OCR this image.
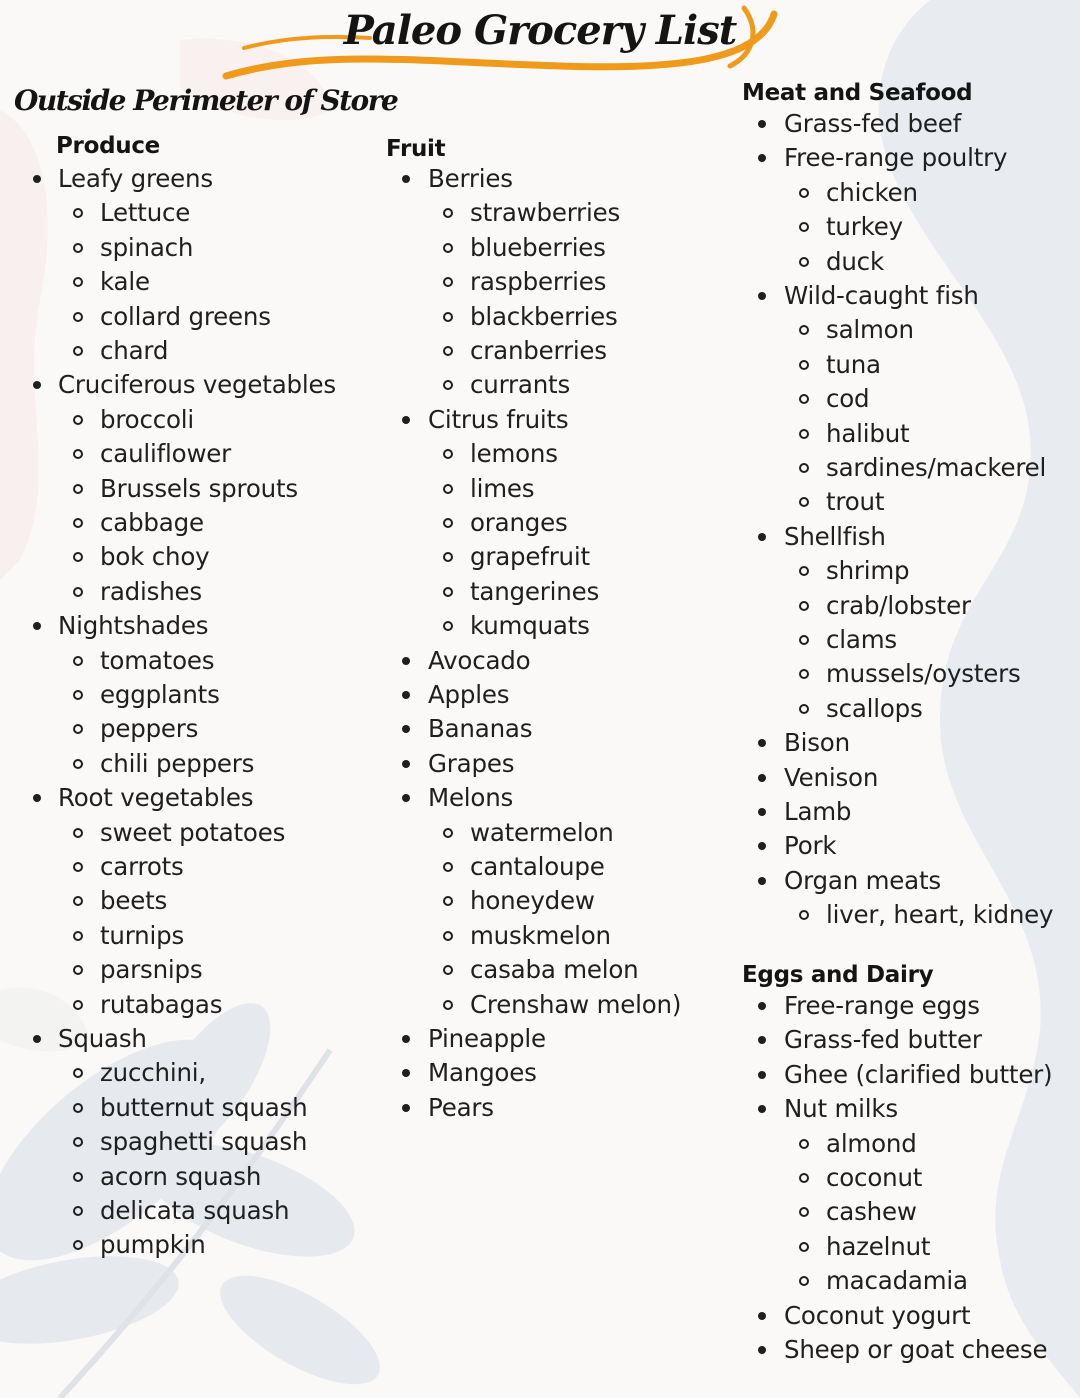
Paleo Grocery List
Outside Perimeter of Store
Produce
Leafy greens
Lettuce
spinach
kale
collard greens
chard
Cruciferous vegetables
broccoli
cauliflower
Brussels sprouts
cabbage
bok choy
radishes
Nightshades
tomatoes
eggplants
peppers
chili peppers
Root vegetables
sweet potatoes
carrots
beets
turnips
parsnips
rutabagas
Squash
zucchini,
butternut squash
spaghetti squash
acorn squash
delicata squash
pumpkin
Fruit
Berries
strawberries
blueberries
raspberries
blackberries
cranberries
currants
Citrus fruits
lemons
limes
oranges
grapefruit
tangerines
kumquats
Avocado
Apples
Bananas
Grapes
Melons
watermelon
cantaloupe
honeydew
muskmelon
casaba melon
Crenshaw melon)
Pineapple
Mangoes
Pears
Meat and Seafood
Grass-fed beef
Free-range poultry
chicken
turkey
duck
Wild-caught fish
salmon
tuna
cod
halibut
sardines/mackerel
trout
Shellfish
shrimp
crab/lobster
clams
mussels/oysters
scallops
Bison
Venison
Lamb
Pork
Organ meats
liver, heart, kidney
Eggs and Dairy
Free-range eggs
Grass-fed butter
Ghee (clarified butter)
Nut milks
almond
coconut
cashew
hazelnut
macadamia
Coconut yogurt
Sheep or goat cheese
